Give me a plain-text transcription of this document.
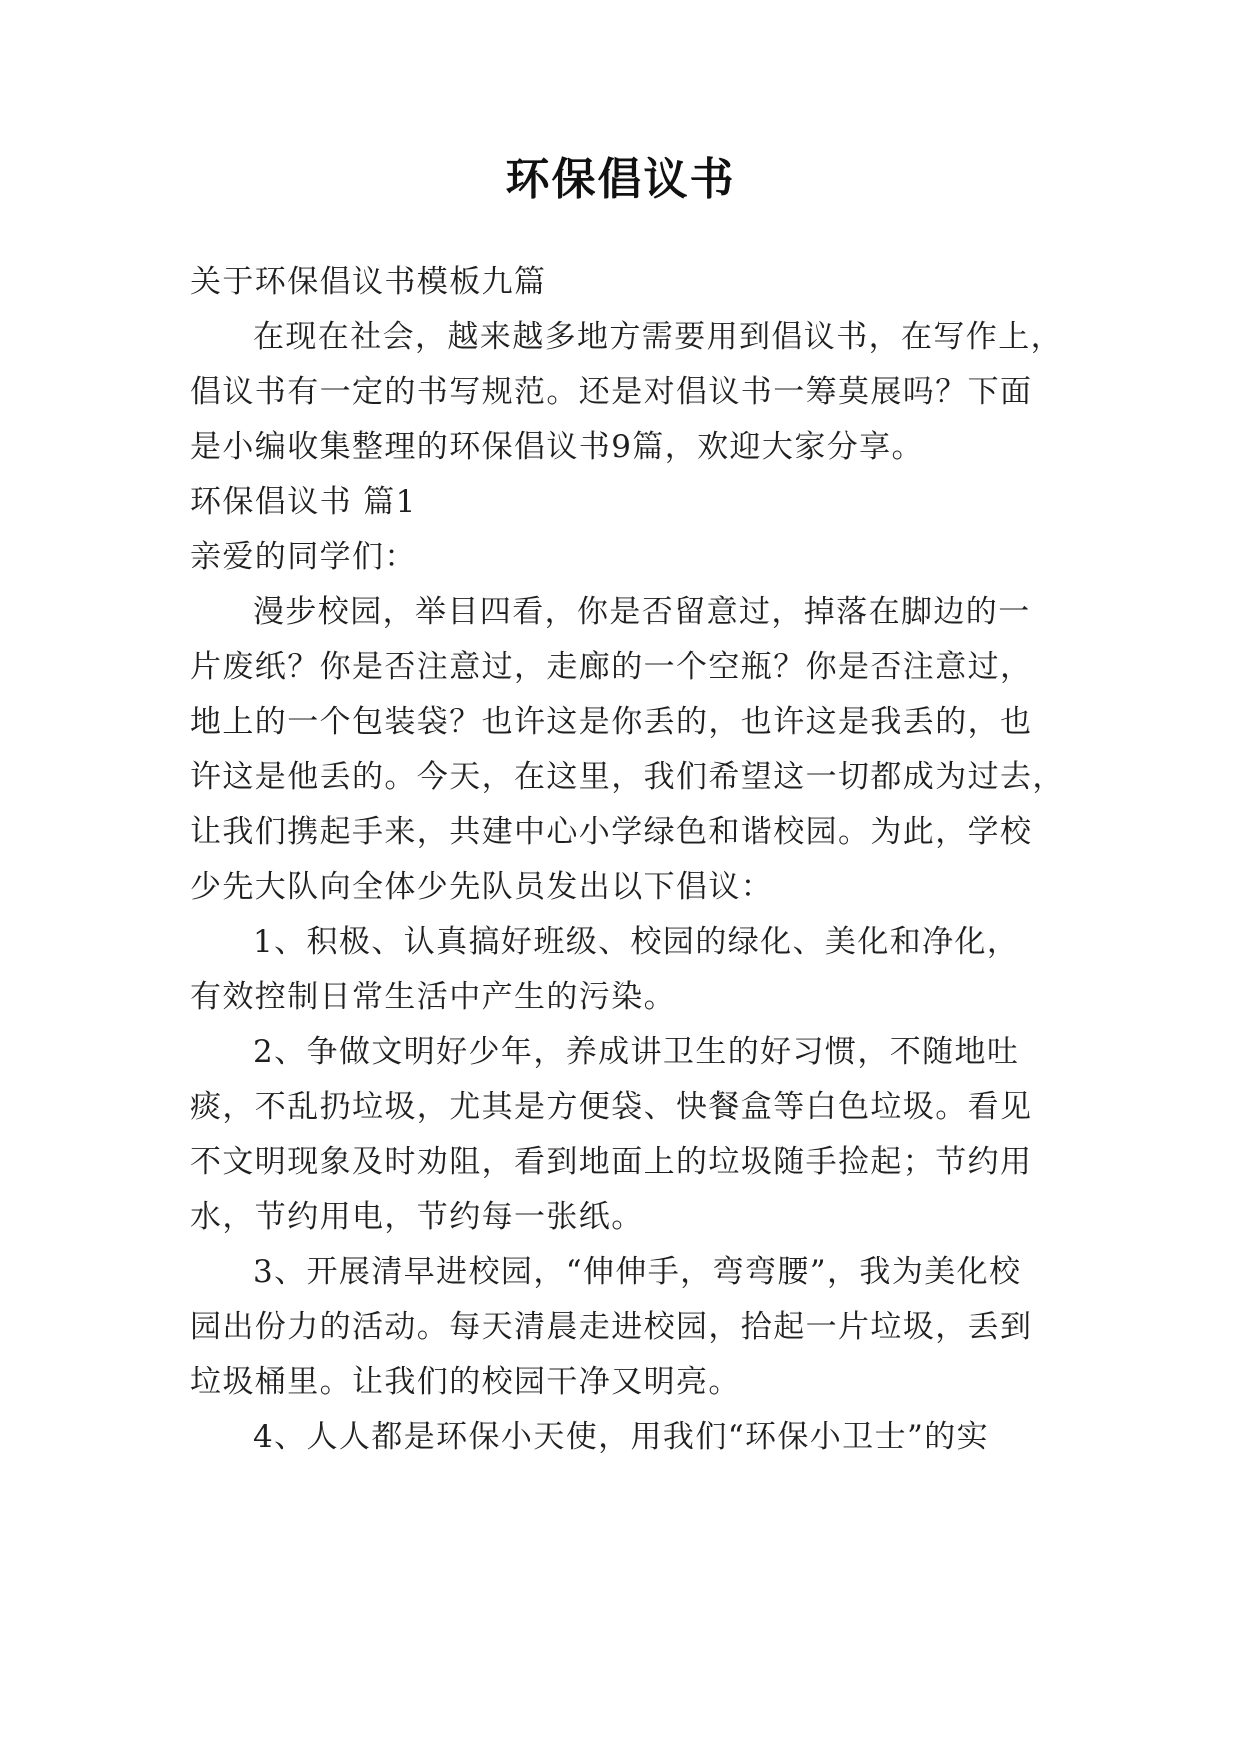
环保倡议书
关于环保倡议书模板九篇
在现在社会，越来越多地方需要用到倡议书，在写作上，
倡议书有一定的书写规范。还是对倡议书一筹莫展吗？下面
是小编收集整理的环保倡议书9篇，欢迎大家分享。
环保倡议书 篇1
亲爱的同学们：
漫步校园，举目四看，你是否留意过，掉落在脚边的一
片废纸？你是否注意过，走廊的一个空瓶？你是否注意过，
地上的一个包装袋？也许这是你丢的，也许这是我丢的，也
许这是他丢的。今天，在这里，我们希望这一切都成为过去，
让我们携起手来，共建中心小学绿色和谐校园。为此，学校
少先大队向全体少先队员发出以下倡议：
1、积极、认真搞好班级、校园的绿化、美化和净化，
有效控制日常生活中产生的污染。
2、争做文明好少年，养成讲卫生的好习惯，不随地吐
痰，不乱扔垃圾，尤其是方便袋、快餐盒等白色垃圾。看见
不文明现象及时劝阻，看到地面上的垃圾随手捡起；节约用
水，节约用电，节约每一张纸。
3、开展清早进校园，“伸伸手，弯弯腰”，我为美化校
园出份力的活动。每天清晨走进校园，拾起一片垃圾，丢到
垃圾桶里。让我们的校园干净又明亮。
4、人人都是环保小天使，用我们“环保小卫士”的实
